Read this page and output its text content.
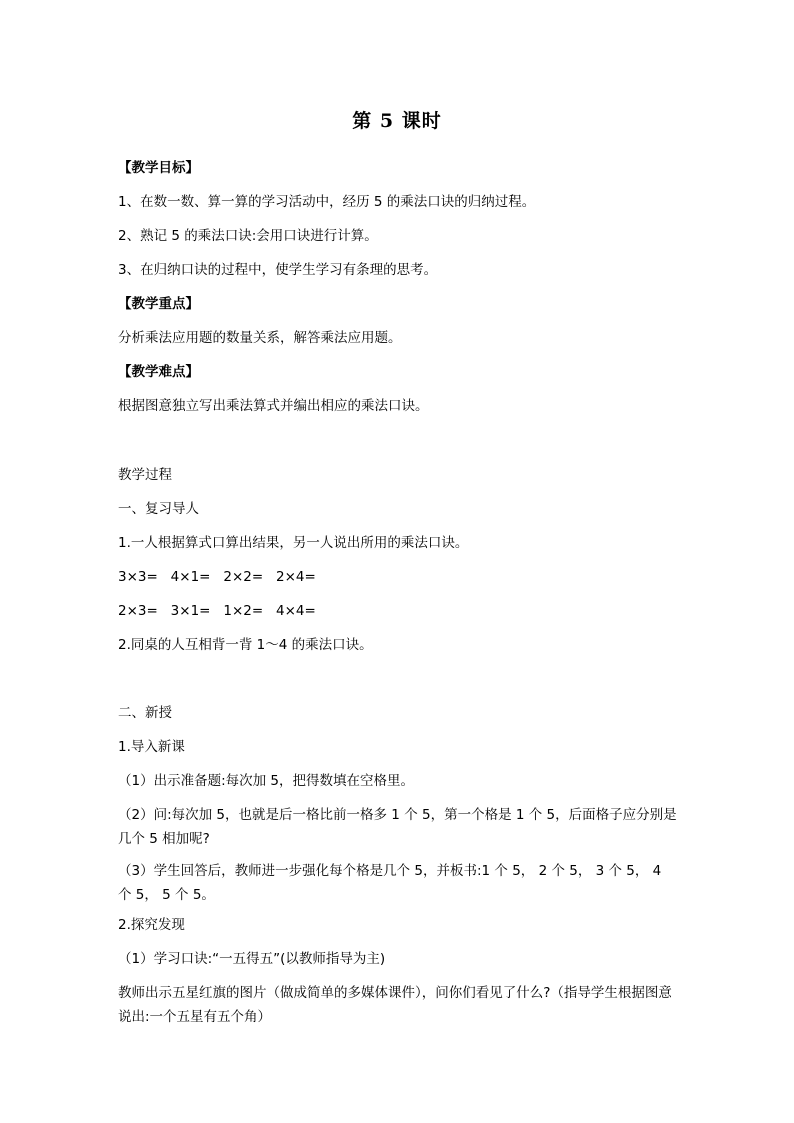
第 5 课时
【教学目标】
1、在数一数、算一算的学习活动中，经历 5 的乘法口诀的归纳过程。
2、熟记 5 的乘法口诀:会用口诀进行计算。
3、在归纳口诀的过程中，使学生学习有条理的思考。
【教学重点】
分析乘法应用题的数量关系，解答乘法应用题。
【教学难点】
根据图意独立写出乘法算式并编出相应的乘法口诀。
教学过程
一、复习导人
1.一人根据算式口算出结果，另一人说出所用的乘法口诀。
3×3=   4×1=   2×2=   2×4=
2×3=   3×1=   1×2=   4×4=
2.同桌的人互相背一背 1～4 的乘法口诀。
二、新授
1.导入新课
（1）出示准备题:每次加 5，把得数填在空格里。
（2）问:每次加 5，也就是后一格比前一格多 1 个 5，第一个格是 1 个 5，后面格子应分别是几个 5 相加呢?
（3）学生回答后，教师进一步强化每个格是几个 5，并板书:1 个 5， 2 个 5， 3 个 5， 4 个 5， 5 个 5。
2.探究发现
（1）学习口诀:“一五得五”(以教师指导为主)
教师出示五星红旗的图片（做成简单的多媒体课件），问你们看见了什么?（指导学生根据图意说出:一个五星有五个角）
